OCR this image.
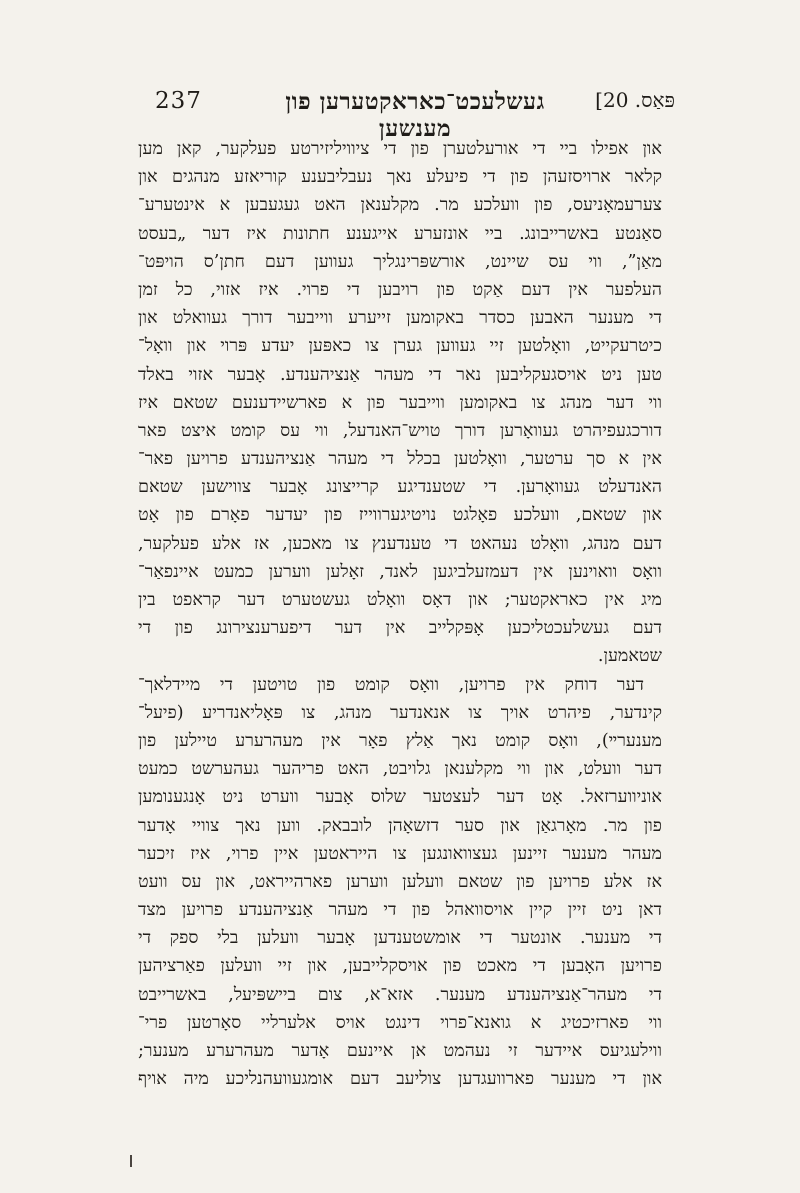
237	געשלעכט־כאראקטערען פון מענשען
פּאַס. 20]
און אפילו ביי די אורעלטערן פון די ציוויליזירטע פעלקער, קאן מען
קלאר ארויסזעהן פון די פיעלע נאך נעבליבענע קוריאזע מנהגים און
צערעמאָניעס, פון וועלכע מר. מקלענאן האט געגעבען א אינטערע־
סאַנטע באשרייבונג. ביי אונזערע אייגענע חתונות איז דער „בעסט
מאַן”, ווי עס שיינט, אורשפּרינגליך געווען דעם חתן’ס הויפּט־
העלפער אין דעם אַקט פון רויבען די פרוי. איז אזוי, כל זמן
די מענער האבען כסדר באקומען זייערע ווייבער דורך געוואלט און
כיטרעקייט, וואָלטען זיי געווען גערן צו כאפּען יעדע פּרוי און וואָל־
טען ניט אויסגעקליבען נאר די מעהר אַנציהענדע. אָבער אזוי באלד
ווי דער מנהג צו באקומען ווייבער פון א פארשיידענעם שטאם איז
דורכגעפיהרט געוואָרען דורך טויש־האנדעל, ווי עס קומט איצט פאר
אין א סך ערטער, וואָלטען בכלל די מעהר אַנציהענדע פרויען פאר־
האנדעלט געוואָרען. די שטענדיגע קרייצונג אָבער צווישען שטאם
און שטאם, וועלכע פאָלגט נויטיגערווייז פון יעדער פאָרם פון אָט
דעם מנהג, וואָלט נעהאט די טענדענץ צו מאכען, אז אלע פעלקער,
וואָס וואוינען אין דעמזעלביגען לאנד, זאָלען ווערען כמעט איינפאַר־
מיג אין כאראקטער; און דאָס וואָלט געשטערט דער קראפט בין
דעם געשלעכטליכען אָפּקלייב אין דער דיפערענצירונג פון די
שטאמען.
דער דוחק אין פרויען, וואָס קומט פון טויטען די מיידלאך־
קינדער, פיהרט אויך צו אנאנדער מנהג, צו פּאָליאנדריע (פיעל־
מענערײ), וואָס קומט נאך אַלץ פאָר אין מעהרערע טיילען פון
דער וועלט, און ווי מקלענאן גלויבט, האט פריהער געהערשט כמעט
אוניווערזאל. אָט דער לעצטער שלוס אָבער ווערט ניט אָנגענומען
פון מר. מאָרגאַן און סער דזשאָהן לובבאק. ווען נאך צוויי אָדער
מעהר מענער זיינען געצוואונגען צו הייראטען איין פרוי, איז זיכער
אז אלע פרויען פון שטאם וועלען ווערען פארהייראט, און עס וועט
דאן ניט זיין קיין אויסוואהל פון די מעהר אַנציהענדע פרויען מצד
די מענער. אונטער די אומשטענדען אָבער וועלען בלי ספק די
פרויען האָבען די מאכט פון אויסקלייבען, און זיי וועלען פאַרציהען
די מעהר־אַנציהענדע מענער. אזא־א, צום ביישפּיעל, באשרייבט
ווי פארזיכטיג א גואנא־פרוי דינגט אויס אלערליי סאָרטען פרי־
ווילעגיעס איידער זי נעהמט אן איינעם אָדער מעהרערע מענער;
און די מענער פארוועגדען צוליעב דעם אומגעוועהנליכע מיה אויף
